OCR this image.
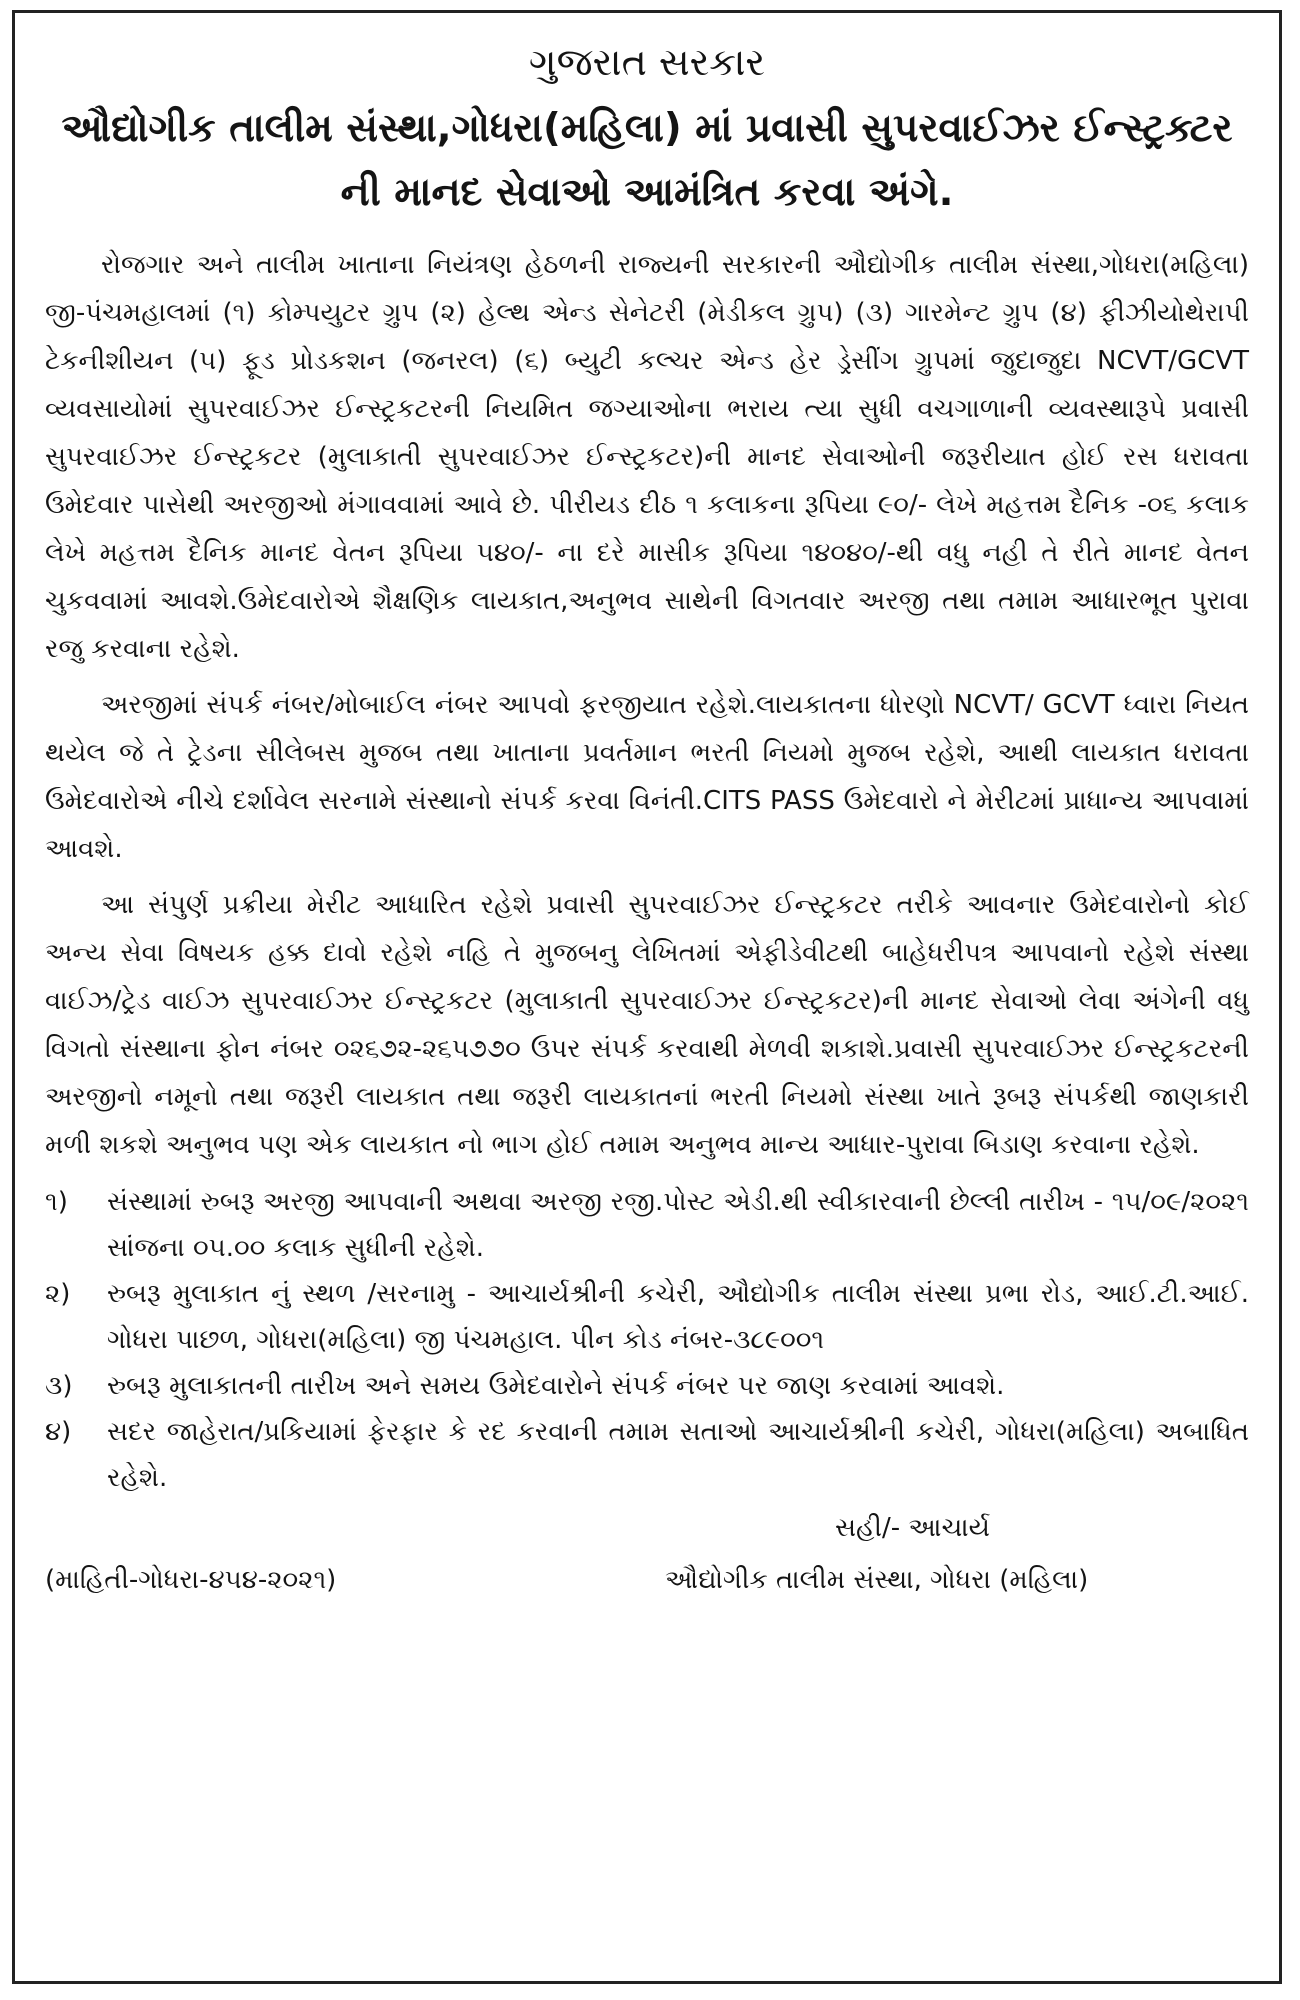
ગુજરાત સરકાર
ઔદ્યોગીક તાલીમ સંસ્થા,ગોધરા(મહિલા) માં પ્રવાસી સુપરવાઈઝર ઈન્સ્ટ્રક્ટર ની માનદ સેવાઓ આમંત્રિત કરવા અંગે.

રોજગાર અને તાલીમ ખાતાના નિયંત્રણ હેઠળની રાજ્યની સરકારની ઔદ્યોગીક તાલીમ સંસ્થા,ગોધરા(મહિલા) જી-પંચમહાલમાં (૧) કોમ્પયુટર ગ્રુપ (૨) હેલ્થ એન્ડ સેનેટરી (મેડીકલ ગ્રુપ) (૩) ગારમેન્ટ ગ્રુપ (૪) ફીઝીયોથેરાપી ટેકનીશીયન (૫) ફૂડ પ્રોડકશન (જનરલ) (૬) બ્યુટી કલ્ચર એન્ડ હેર ડ્રેસીંગ ગ્રુપમાં જુદાજુદા NCVT/GCVT વ્યવસાયોમાં સુપરવાઈઝર ઈન્સ્ટ્રકટરની નિયમિત જગ્યાઓના ભરાય ત્યા સુધી વચગાળાની વ્યવસ્થારૂપે પ્રવાસી સુપરવાઈઝર ઈન્સ્ટ્રકટર (મુલાકાતી સુપરવાઈઝર ઈન્સ્ટ્રકટર)ની માનદ સેવાઓની જરૂરીયાત હોઈ રસ ધરાવતા ઉમેદવાર પાસેથી અરજીઓ મંગાવવામાં આવે છે. પીરીયડ દીઠ ૧ કલાકના રૂપિયા ૯૦/- લેખે મહત્તમ દૈનિક -૦૬ કલાક લેખે મહત્તમ દૈનિક માનદ વેતન રૂપિયા ૫૪૦/- ના દરે માસીક રૂપિયા ૧૪૦૪૦/-થી વધુ નહી તે રીતે માનદ વેતન ચુકવવામાં આવશે.ઉમેદવારોએ શૈક્ષણિક લાયકાત,અનુભવ સાથેની વિગતવાર અરજી તથા તમામ આધારભૂત પુરાવા રજુ કરવાના રહેશે.

અરજીમાં સંપર્ક નંબર/મોબાઈલ નંબર આપવો ફરજીયાત રહેશે.લાયકાતના ધોરણો NCVT/ GCVT ધ્વારા નિયત થયેલ જે તે ટ્રેડના સીલેબસ મુજબ તથા ખાતાના પ્રવર્તમાન ભરતી નિયમો મુજબ રહેશે, આથી લાયકાત ધરાવતા ઉમેદવારોએ નીચે દર્શાવેલ સરનામે સંસ્થાનો સંપર્ક કરવા વિનંતી.CITS PASS ઉમેદવારો ને મેરીટમાં પ્રાધાન્ય આપવામાં આવશે.

આ સંપુર્ણ પ્રક્રીયા મેરીટ આધારિત રહેશે પ્રવાસી સુપરવાઈઝર ઈન્સ્ટ્રકટર તરીકે આવનાર ઉમેદવારોનો કોઈ અન્ય સેવા વિષયક હક્ક દાવો રહેશે નહિ તે મુજબનુ લેખિતમાં એફીડેવીટથી બાહેધરીપત્ર આપવાનો રહેશે સંસ્થા વાઈઝ/ટ્રેડ વાઈઝ સુપરવાઈઝર ઈન્સ્ટ્રકટર (મુલાકાતી સુપરવાઈઝર ઈન્સ્ટ્રકટર)ની માનદ સેવાઓ લેવા અંગેની વધુ વિગતો સંસ્થાના ફોન નંબર ૦૨૬૭૨-૨૬૫૭૭૦ ઉપર સંપર્ક કરવાથી મેળવી શકાશે.પ્રવાસી સુપરવાઈઝર ઈન્સ્ટ્રકટરની અરજીનો નમૂનો તથા જરૂરી લાયકાત તથા જરૂરી લાયકાતનાં ભરતી નિયમો સંસ્થા ખાતે રૂબરૂ સંપર્કથી જાણકારી મળી શકશે અનુભવ પણ એક લાયકાત નો ભાગ હોઈ તમામ અનુભવ માન્ય આધાર-પુરાવા બિડાણ કરવાના રહેશે.

૧)	સંસ્થામાં રુબરૂ અરજી આપવાની અથવા અરજી રજી.પોસ્ટ એડી.થી સ્વીકારવાની છેલ્લી તારીખ - ૧૫/૦૯/૨૦૨૧ સાંજના ૦૫.૦૦ કલાક સુધીની રહેશે.
૨)	રુબરૂ મુલાકાત નું સ્થળ /સરનામુ - આચાર્યશ્રીની કચેરી, ઔદ્યોગીક તાલીમ સંસ્થા પ્રભા રોડ, આઈ.ટી.આઈ. ગોધરા પાછળ, ગોધરા(મહિલા) જી પંચમહાલ. પીન કોડ નંબર-૩૮૯૦૦૧
૩)	રુબરૂ મુલાકાતની તારીખ અને સમય ઉમેદવારોને સંપર્ક નંબર પર જાણ કરવામાં આવશે.
૪)	સદર જાહેરાત/પ્રકિયામાં ફેરફાર કે રદ કરવાની તમામ સતાઓ આચાર્યશ્રીની કચેરી, ગોધરા(મહિલા) અબાધિત રહેશે.
સહી/- આચાર્ય
(માહિતી-ગોધરા-૪૫૪-૨૦૨૧)	ઔદ્યોગીક તાલીમ સંસ્થા, ગોધરા (મહિલા)
